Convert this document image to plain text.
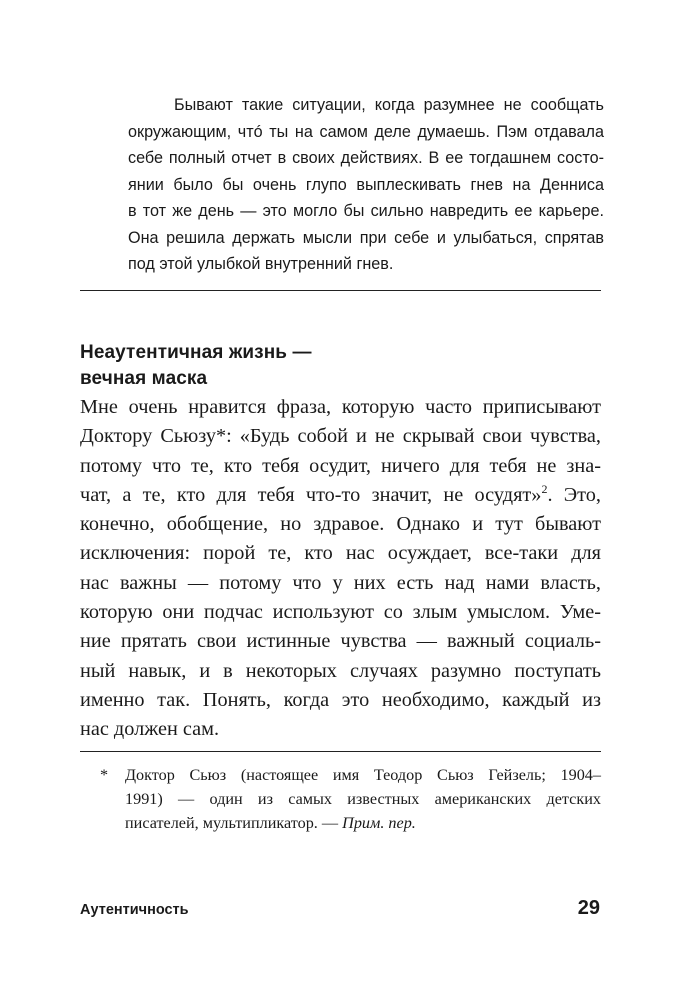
Бывают такие ситуации, когда разумнее не сообщать
окружающим, чтó ты на самом деле думаешь. Пэм отдавала
себе полный отчет в своих действиях. В ее тогдашнем состо-
янии было бы очень глупо выплескивать гнев на Денниса
в тот же день — это могло бы сильно навредить ее карьере.
Она решила держать мысли при себе и улыбаться, спрятав
под этой улыбкой внутренний гнев.
Неаутентичная жизнь —
вечная маска
Мне очень нравится фраза, которую часто приписывают
Доктору Сьюзу*: «Будь собой и не скрывай свои чувства,
потому что те, кто тебя осудит, ничего для тебя не зна-
чат, а те, кто для тебя что-то значит, не осудят»$^2$. Это,
конечно, обобщение, но здравое. Однако и тут бывают
исключения: порой те, кто нас осуждает, все-таки для
нас важны — потому что у них есть над нами власть,
которую они подчас используют со злым умыслом. Уме-
ние прятать свои истинные чувства — важный социаль-
ный навык, и в некоторых случаях разумно поступать
именно так. Понять, когда это необходимо, каждый из
нас должен сам.
* Доктор Сьюз (настоящее имя Теодор Сьюз Гейзель; 1904–
1991) — один из самых известных американских детских
писателей, мультипликатор. — Прим. пер.
Аутентичность	29
